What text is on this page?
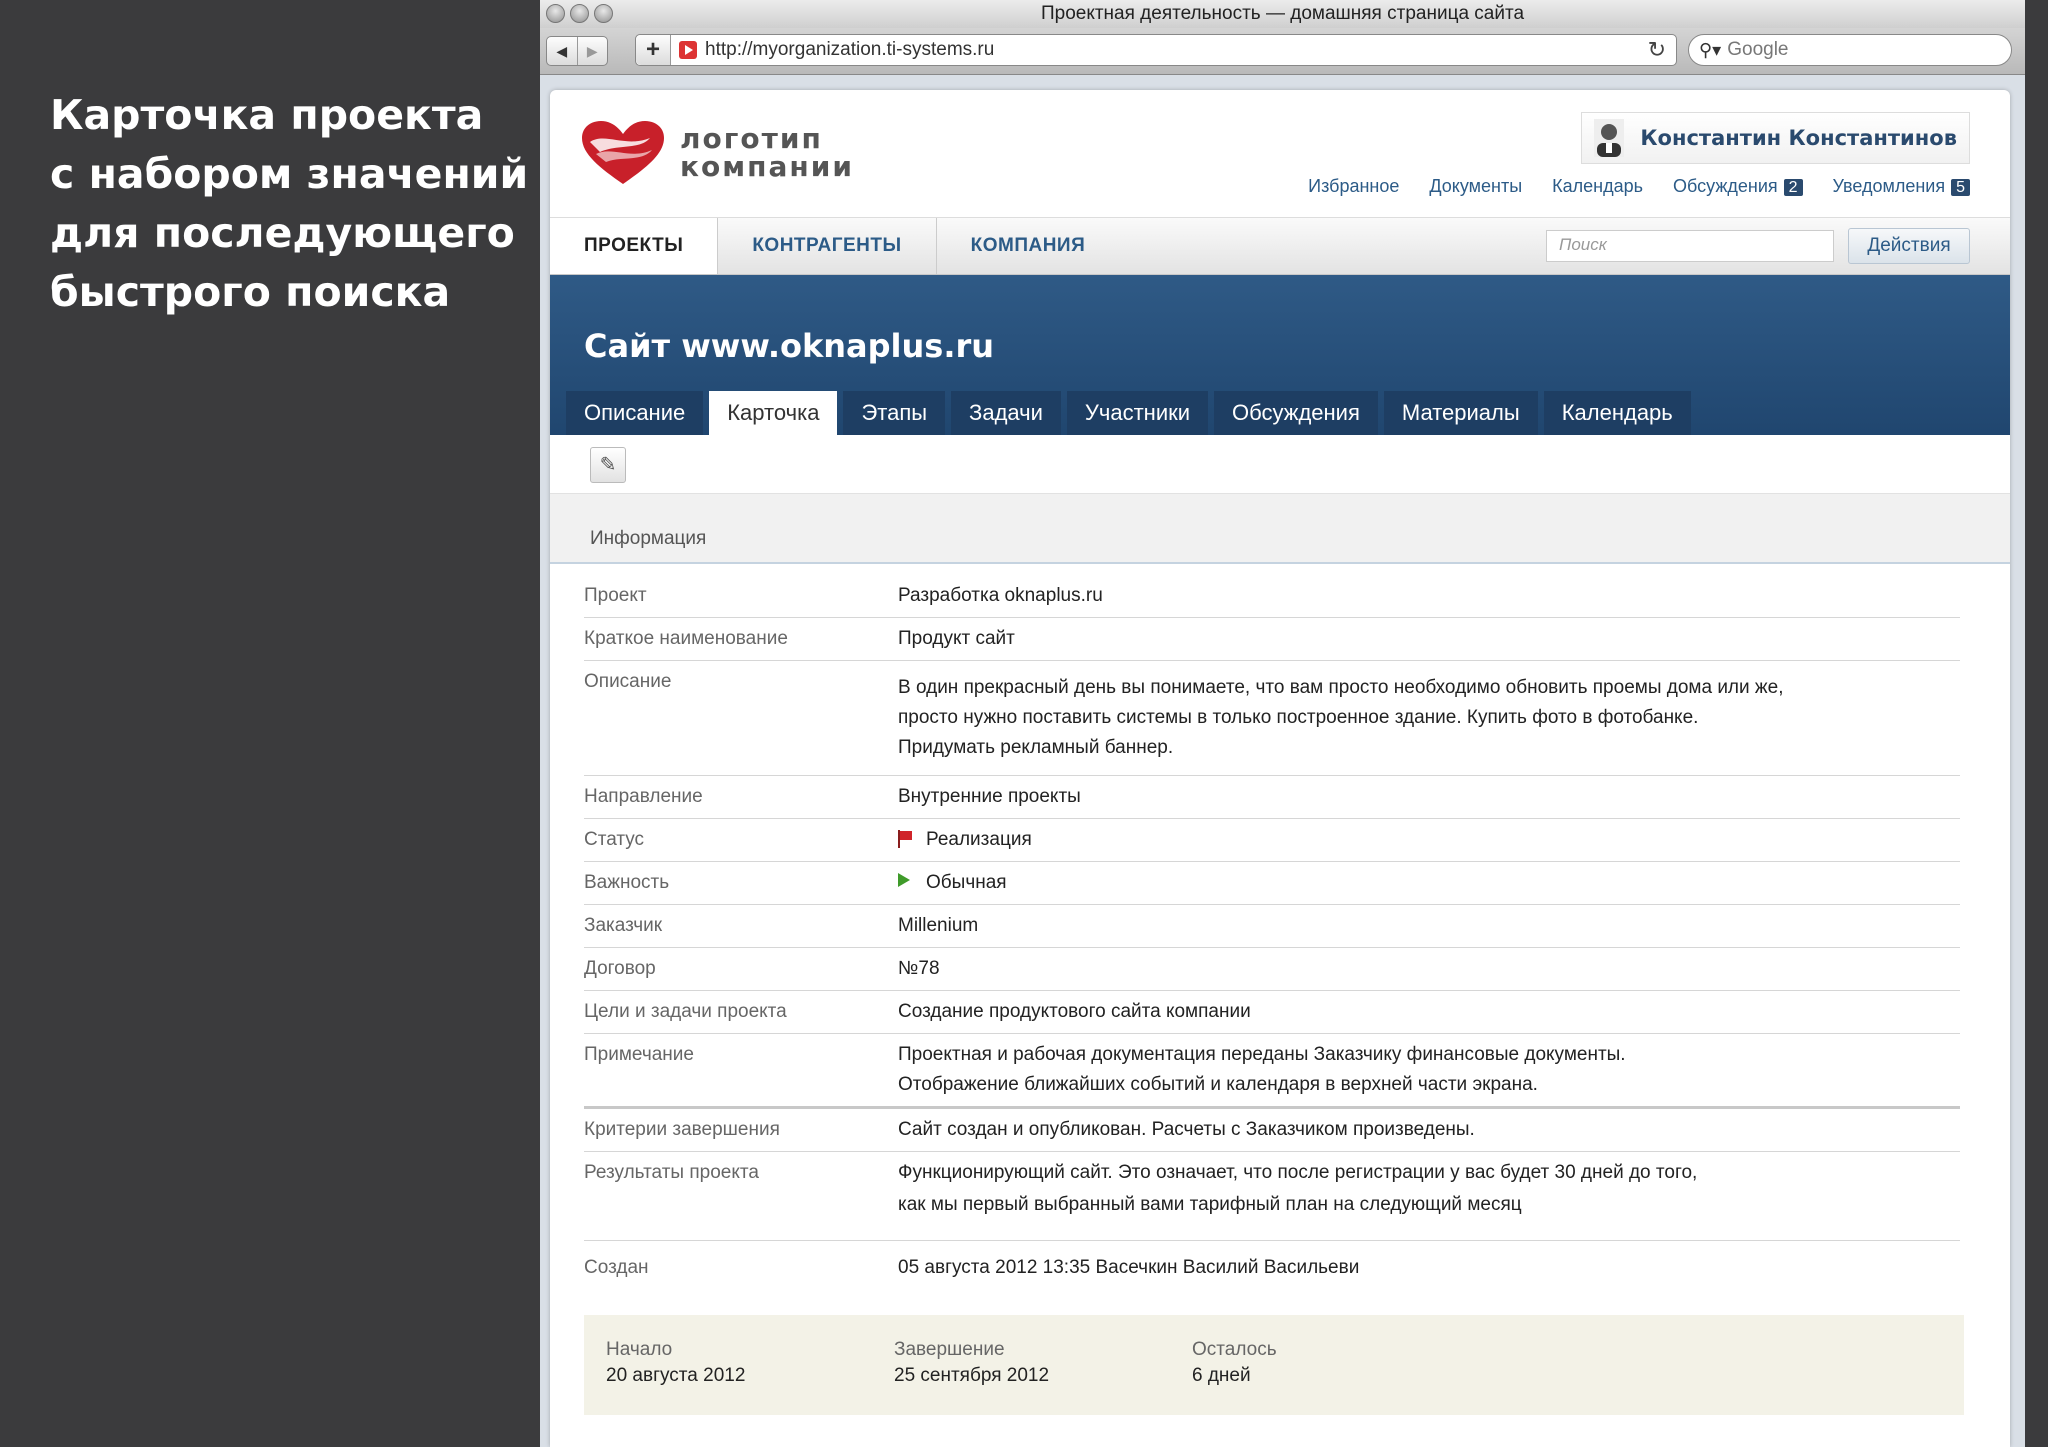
Карточка проекта
с набором значений
для последующего
быстрого поиска
Проектная деятельность — домашняя страница сайта
◀	▶	+	http://myorganization.ti-systems.ru	↻ ⚲▾ Google
логотип
компании
Константин Константинов
Избранное Документы Календарь Обсуждения 2 Уведомления 5
ПРОЕКТЫ	КОНТРАГЕНТЫ	КОМПАНИЯ	Поиск	Действия
Сайт www.oknaplus.ru
Описание	Карточка	Этапы	Задачи	Участники	Обсуждения	Материалы	Календарь
✎
Информация
Проект	Разработка oknaplus.ru
Краткое наименование	Продукт сайт
Описание	В один прекрасный день вы понимаете, что вам просто необходимо обновить проемы дома или же,
просто нужно поставить системы в только построенное здание. Купить фото в фотобанке.
Придумать рекламный баннер.
Направление	Внутренние проекты
Статус	Реализация
Важность	Обычная
Заказчик	Millenium
Договор	№78
Цели и задачи проекта	Создание продуктового сайта компании
Примечание	Проектная и рабочая документация переданы Заказчику финансовые документы.
Отображение ближайших событий и календаря в верхней части экрана.
Критерии завершения	Сайт создан и опубликован. Расчеты с Заказчиком произведены.
Результаты проекта	Функционирующий сайт. Это означает, что после регистрации у вас будет 30 дней до того,
как мы первый выбранный вами тарифный план на следующий месяц
Создан	05 августа 2012 13:35 Васечкин Василий Васильеви
Начало
20 августа 2012
Завершение
25 сентября 2012
Осталось
6 дней
